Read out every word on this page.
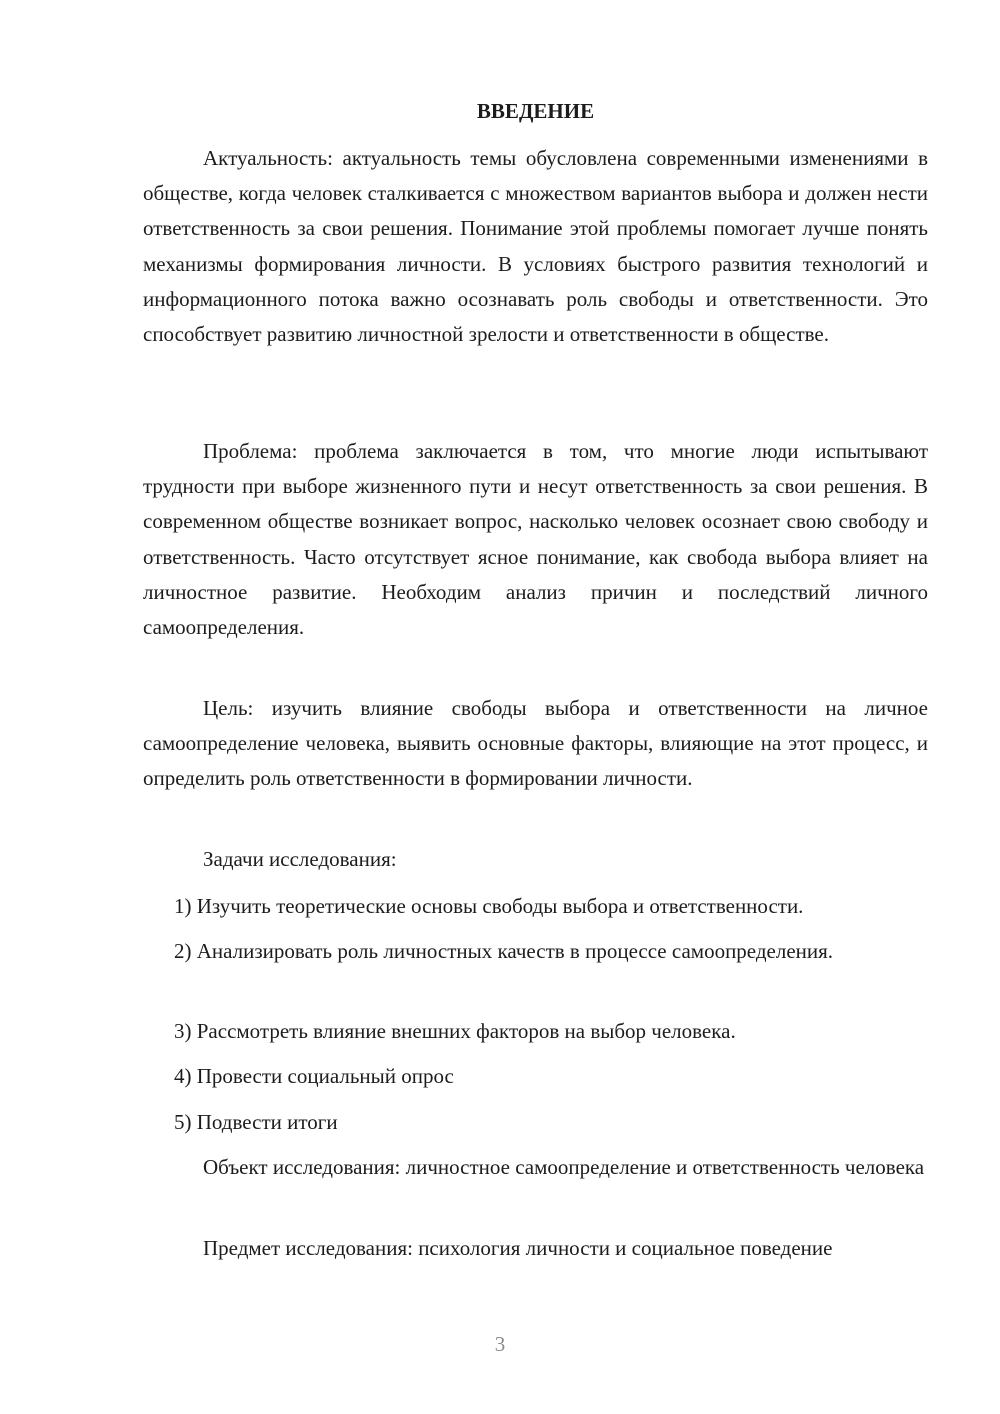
ВВЕДЕНИЕ

Актуальность: актуальность темы обусловлена современными изменениями в обществе, когда человек сталкивается с множеством вариантов выбора и должен нести ответственность за свои решения. Понимание этой проблемы помогает лучше понять механизмы формирования личности. В условиях быстрого развития технологий и информационного потока важно осознавать роль свободы и ответственности. Это способствует развитию личностной зрелости и ответственности в обществе.

Проблема: проблема заключается в том, что многие люди испытывают трудности при выборе жизненного пути и несут ответственность за свои решения. В современном обществе возникает вопрос, насколько человек осознает свою свободу и ответственность. Часто отсутствует ясное понимание, как свобода выбора влияет на личностное развитие. Необходим анализ причин и последствий личного самоопределения.

Цель: изучить влияние свободы выбора и ответственности на личное самоопределение человека, выявить основные факторы, влияющие на этот процесс, и определить роль ответственности в формировании личности.

Задачи исследования:

1) Изучить теоретические основы свободы выбора и ответственности.

2) Анализировать роль личностных качеств в процессе самоопределения.

3) Рассмотреть влияние внешних факторов на выбор человека.

4) Провести социальный опрос

5) Подвести итоги

Объект исследования: личностное самоопределение и ответственность человека

Предмет исследования: психология личности и социальное поведение

3
